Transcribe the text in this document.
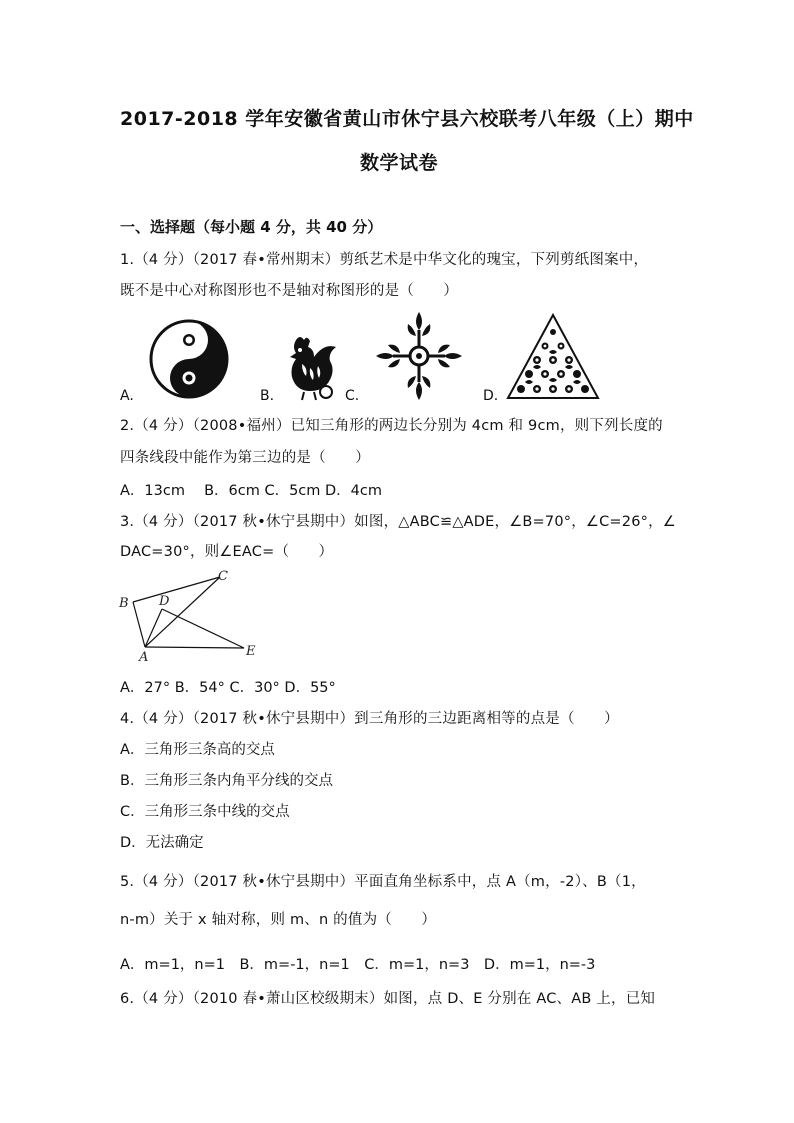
2017-2018 学年安徽省黄山市休宁县六校联考八年级（上）期中
数学试卷
一、选择题（每小题 4 分，共 40 分）
1.（4 分）（2017 春•常州期末）剪纸艺术是中华文化的瑰宝，下列剪纸图案中，
既不是中心对称图形也不是轴对称图形的是（　　）
A.	B.	C.	D.
2.（4 分）（2008•福州）已知三角形的两边长分别为 4cm 和 9cm，则下列长度的
四条线段中能作为第三边的是（　　）
A．13cm　 B．6cm C．5cm D．4cm
3.（4 分）（2017 秋•休宁县期中）如图，△ABC≌△ADE，∠B=70°，∠C=26°，∠
DAC=30°，则∠EAC=（　　）
B
C
D
A	E
A．27° B．54° C．30° D．55°
4.（4 分）（2017 秋•休宁县期中）到三角形的三边距离相等的点是（　　）
A．三角形三条高的交点
B．三角形三条内角平分线的交点
C．三角形三条中线的交点
D．无法确定
5.（4 分）（2017 秋•休宁县期中）平面直角坐标系中，点 A（m，-2）、B（1，
n-m）关于 x 轴对称，则 m、n 的值为（　　）
A．m=1，n=1　B．m=-1，n=1　C．m=1，n=3　D．m=1，n=-3
6.（4 分）（2010 春•萧山区校级期末）如图，点 D、E 分别在 AC、AB 上，已知
